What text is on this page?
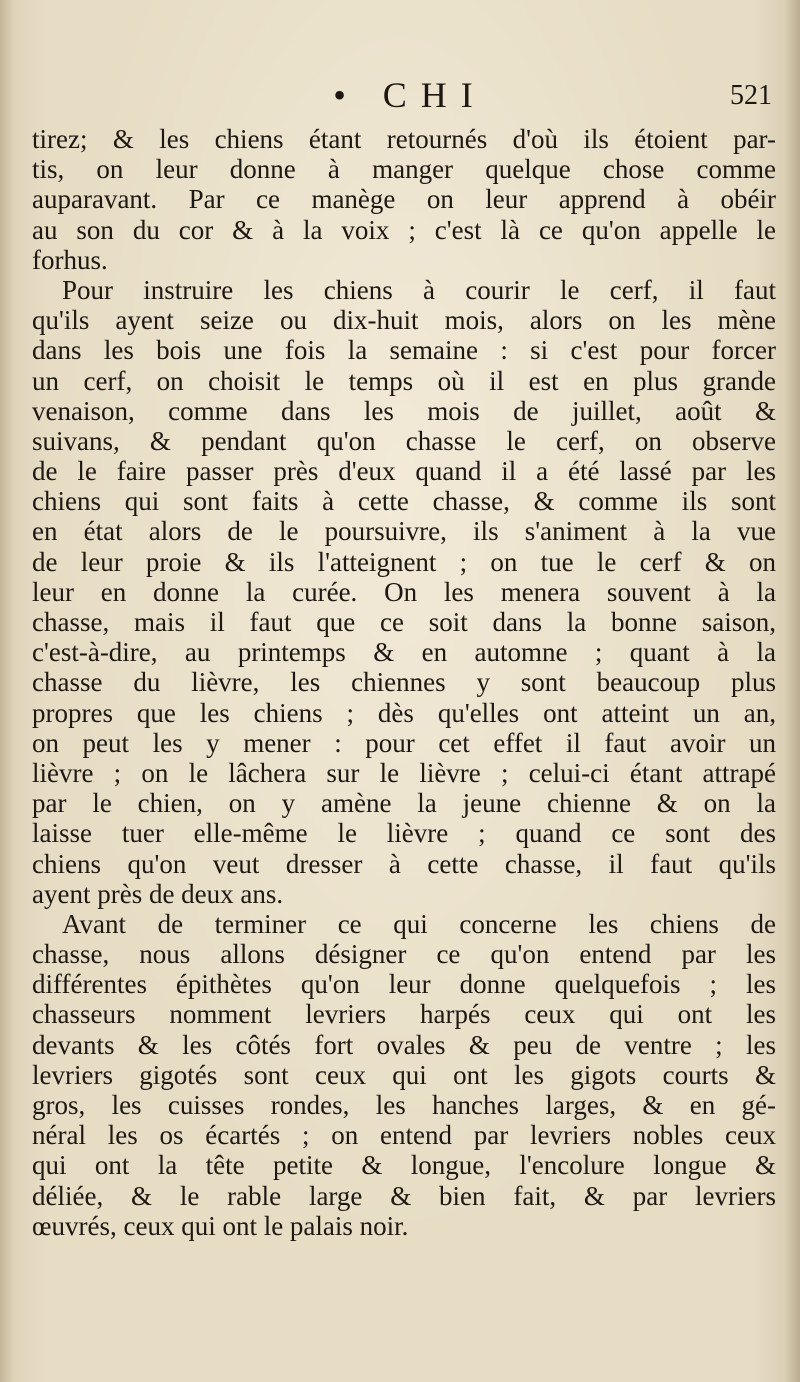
• CHI	521
tirez; & les chiens étant retournés d'où ils étoient par-
tis, on leur donne à manger quelque chose comme
auparavant. Par ce manège on leur apprend à obéir
au son du cor & à la voix ; c'est là ce qu'on appelle le
forhus.
Pour instruire les chiens à courir le cerf, il faut
qu'ils ayent seize ou dix-huit mois, alors on les mène
dans les bois une fois la semaine : si c'est pour forcer
un cerf, on choisit le temps où il est en plus grande
venaison, comme dans les mois de juillet, août &
suivans, & pendant qu'on chasse le cerf, on observe
de le faire passer près d'eux quand il a été lassé par les
chiens qui sont faits à cette chasse, & comme ils sont
en état alors de le poursuivre, ils s'animent à la vue
de leur proie & ils l'atteignent ; on tue le cerf & on
leur en donne la curée. On les menera souvent à la
chasse, mais il faut que ce soit dans la bonne saison,
c'est-à-dire, au printemps & en automne ; quant à la
chasse du lièvre, les chiennes y sont beaucoup plus
propres que les chiens ; dès qu'elles ont atteint un an,
on peut les y mener : pour cet effet il faut avoir un
lièvre ; on le lâchera sur le lièvre ; celui-ci étant attrapé
par le chien, on y amène la jeune chienne & on la
laisse tuer elle-même le lièvre ; quand ce sont des
chiens qu'on veut dresser à cette chasse, il faut qu'ils
ayent près de deux ans.
Avant de terminer ce qui concerne les chiens de
chasse, nous allons désigner ce qu'on entend par les
différentes épithètes qu'on leur donne quelquefois ; les
chasseurs nomment levriers harpés ceux qui ont les
devants & les côtés fort ovales & peu de ventre ; les
levriers gigotés sont ceux qui ont les gigots courts &
gros, les cuisses rondes, les hanches larges, & en gé-
néral les os écartés ; on entend par levriers nobles ceux
qui ont la tête petite & longue, l'encolure longue &
déliée, & le rable large & bien fait, & par levriers
œuvrés, ceux qui ont le palais noir.
